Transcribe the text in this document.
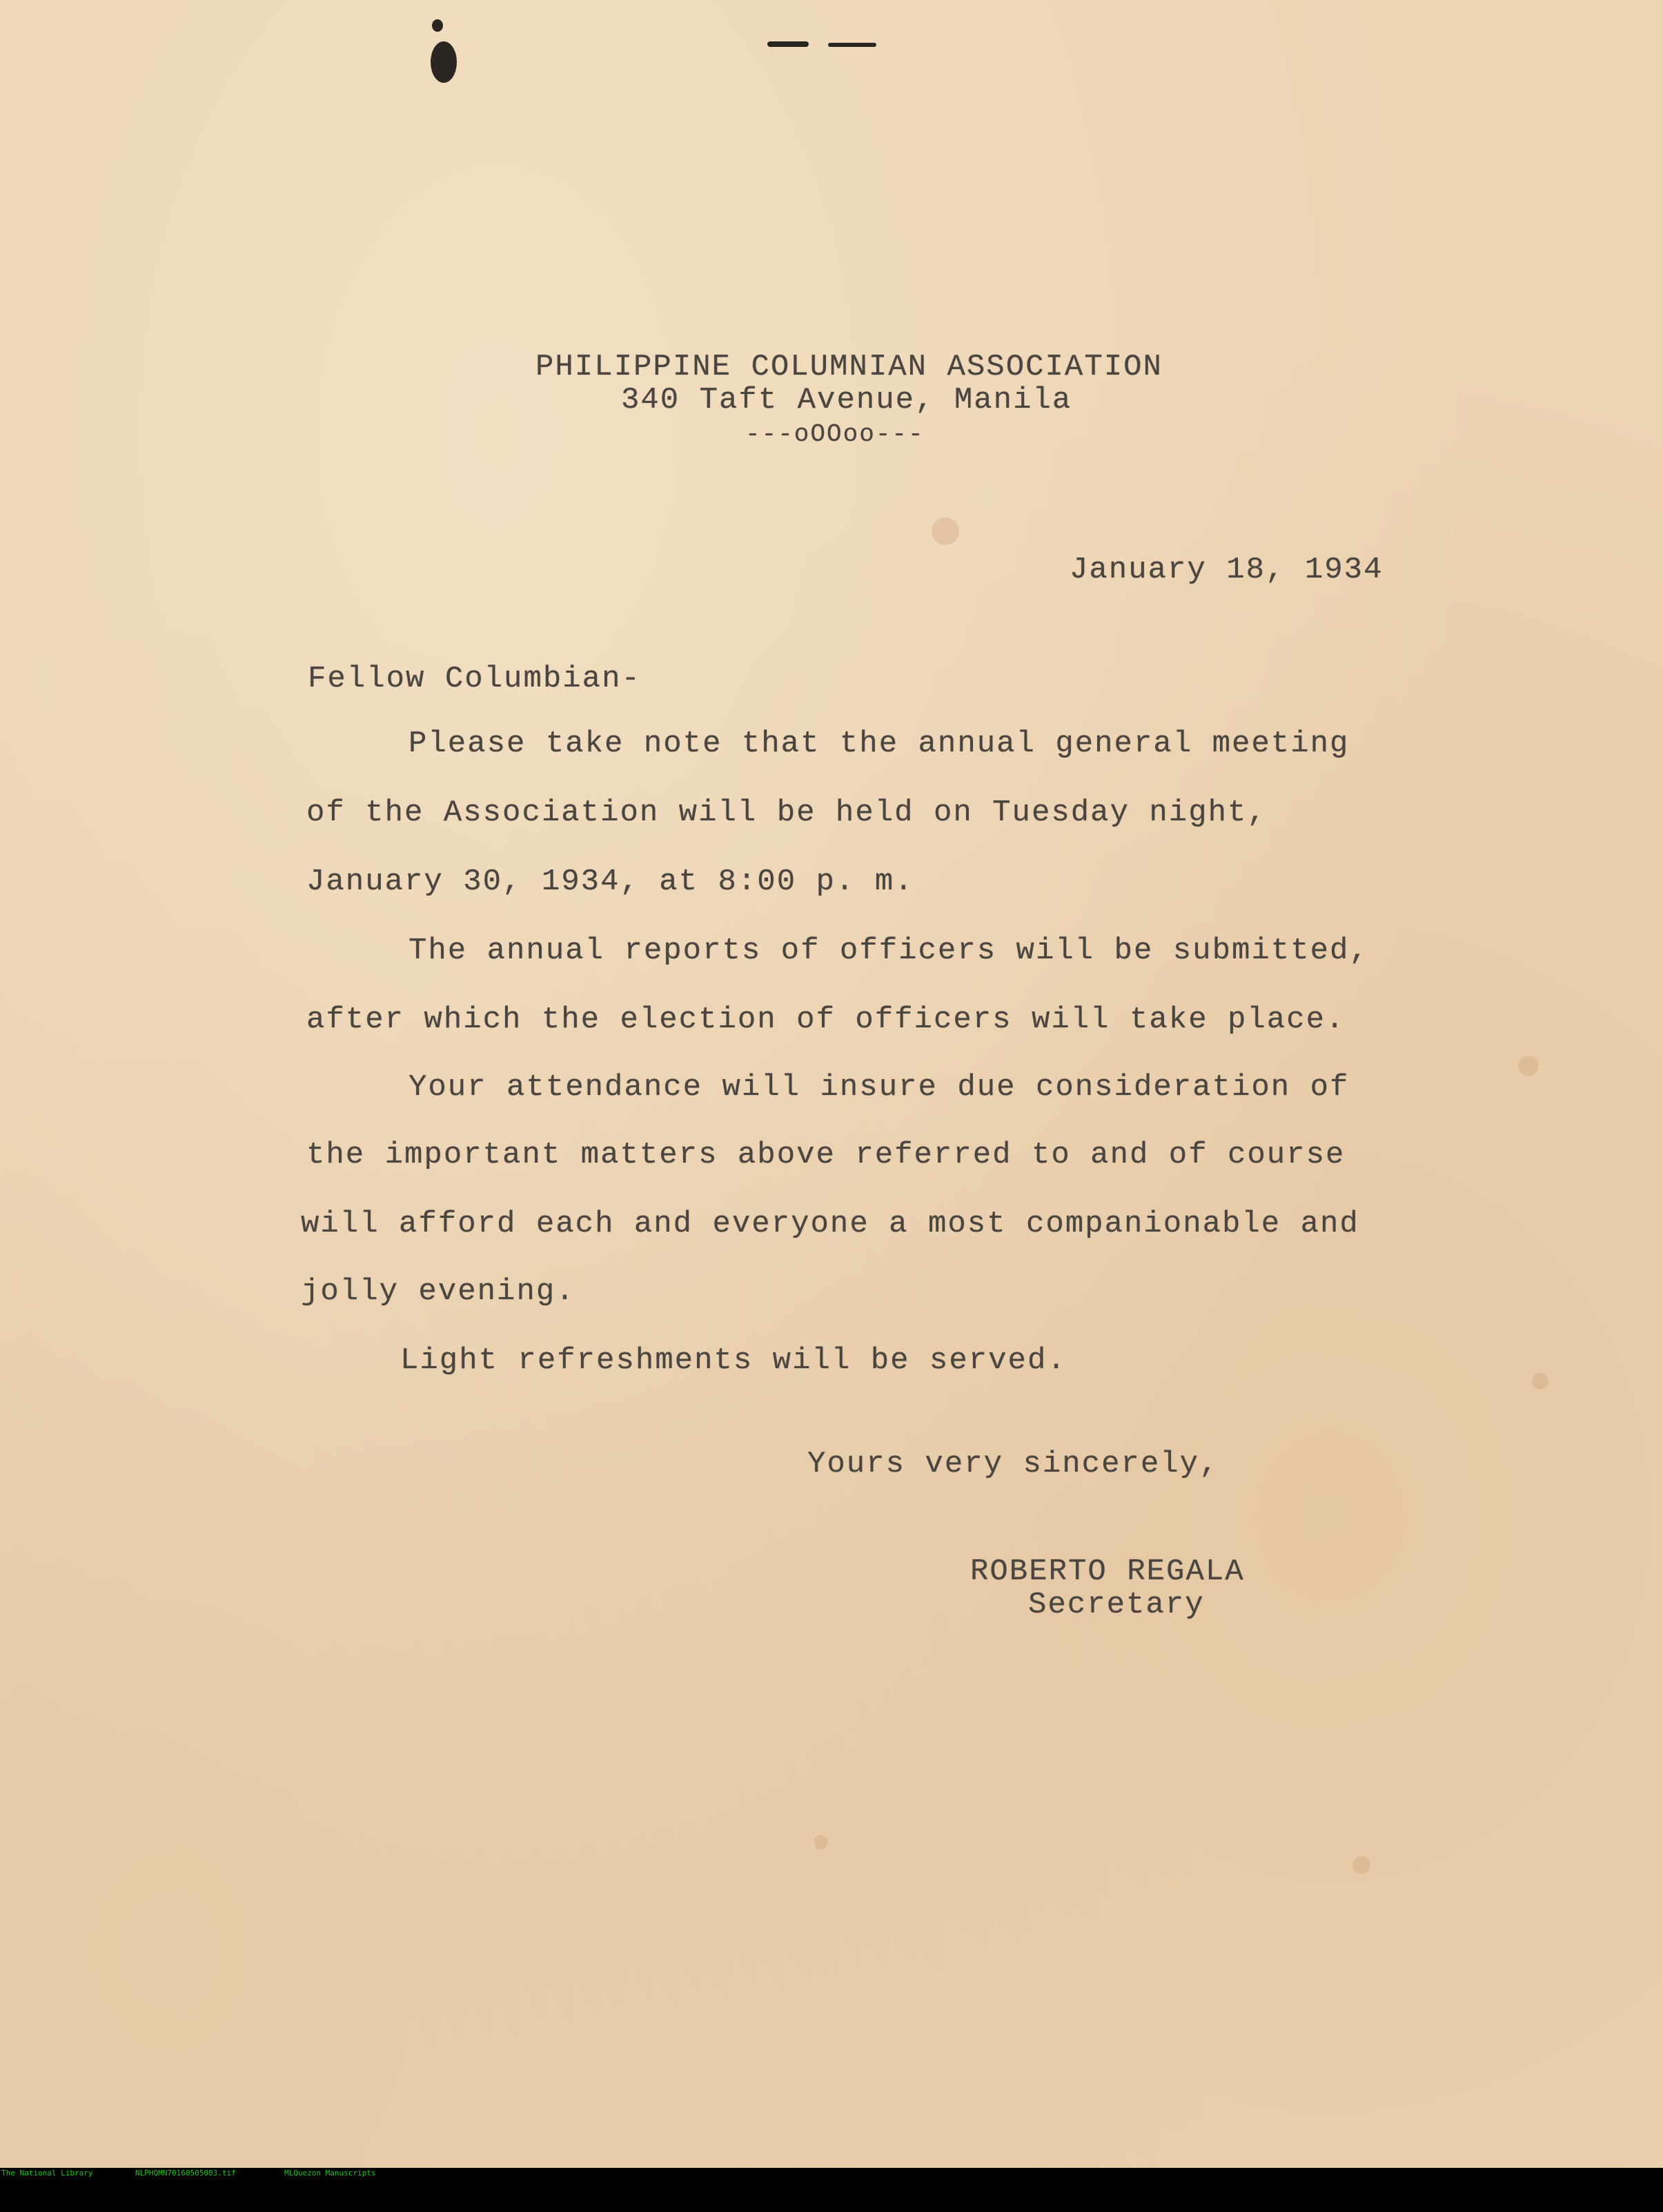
PHILIPPINE COLUMNIAN ASSOCIATION
340 Taft Avenue, Manila
---oOOoo---
January 18, 1934
Fellow Columbian-
Please take note that the annual general meeting
of the Association will be held on Tuesday night,
January 30, 1934, at 8:00 p. m.
The annual reports of officers will be submitted,
after which the election of officers will take place.
Your attendance will insure due consideration of
the important matters above referred to and of course
will afford each and everyone a most companionable and
jolly evening.
Light refreshments will be served.
Yours very sincerely,
ROBERTO REGALA
Secretary

The National Library

	NLPHQMN70160505083.tif

	MLQuezon Manuscripts
